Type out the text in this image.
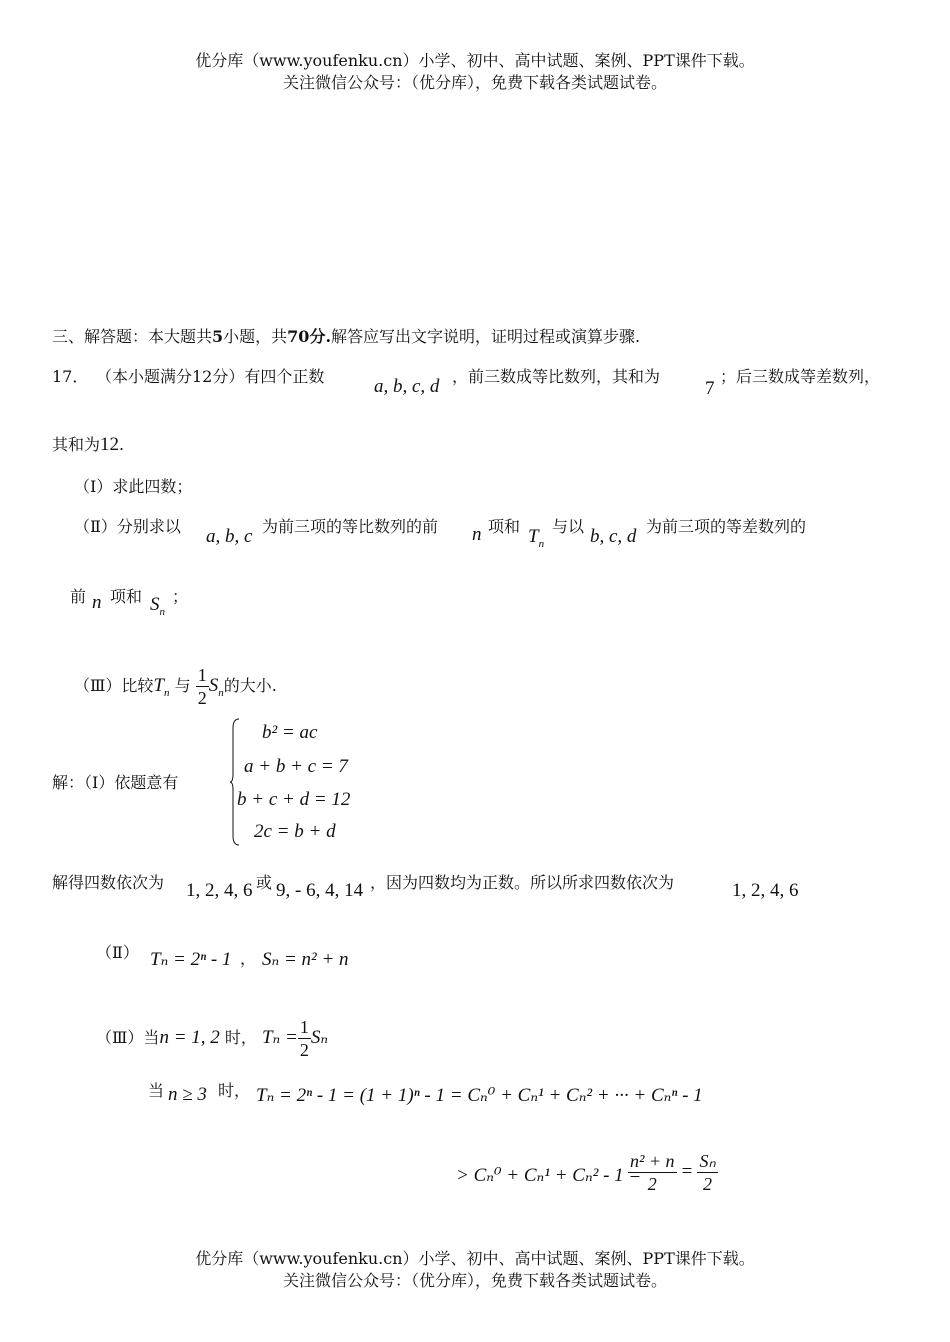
优分库（www.youfenku.cn）小学、初中、高中试题、案例、PPT课件下载。
关注微信公众号：（优分库），免费下载各类试题试卷。
三、解答题：本大题共5小题，共70分.解答应写出文字说明，证明过程或演算步骤.
17． （本小题满分12分）有四个正数	a, b, c, d ，前三数成等比数列，其和为
7
；后三数成等差数列，
其和为12.
（Ⅰ）求此四数；
（Ⅱ）分别求以 a, b, c 为前三项的等比数列的前 n 项和 $T_n$
与以 b, c, d 为前三项的等差数列的
前 n 项和 $S_n$
；
（Ⅲ）比较$T_n$ 与 $\frac{1}{2} S_n$的大小.
解：（Ⅰ）依题意有
b² = ac
a + b + c = 7
b + c + d = 12
2c = b + d
解得四数依次为 1, 2, 4, 6 或 9, - 6, 4, 14 ，因为四数均为正数。所以所求四数依次为	1, 2, 4, 6
（Ⅱ） Tₙ = 2ⁿ - 1 ， Sₙ = n² + n
（Ⅲ）当n = 1, 2 时， $T_n = \frac{1}{2}$ Sₙ
当 n ≥ 3 时， Tₙ = 2ⁿ - 1 = (1 + 1)ⁿ - 1 = Cₙ⁰ + Cₙ¹ + Cₙ² + ··· + Cₙⁿ - 1
> Cₙ⁰ + Cₙ¹ + Cₙ² - 1 =
$\frac{\text{n² + n}}{2} = \frac{\text{Sₙ}}{2}$
优分库（www.youfenku.cn）小学、初中、高中试题、案例、PPT课件下载。
关注微信公众号：（优分库），免费下载各类试题试卷。
